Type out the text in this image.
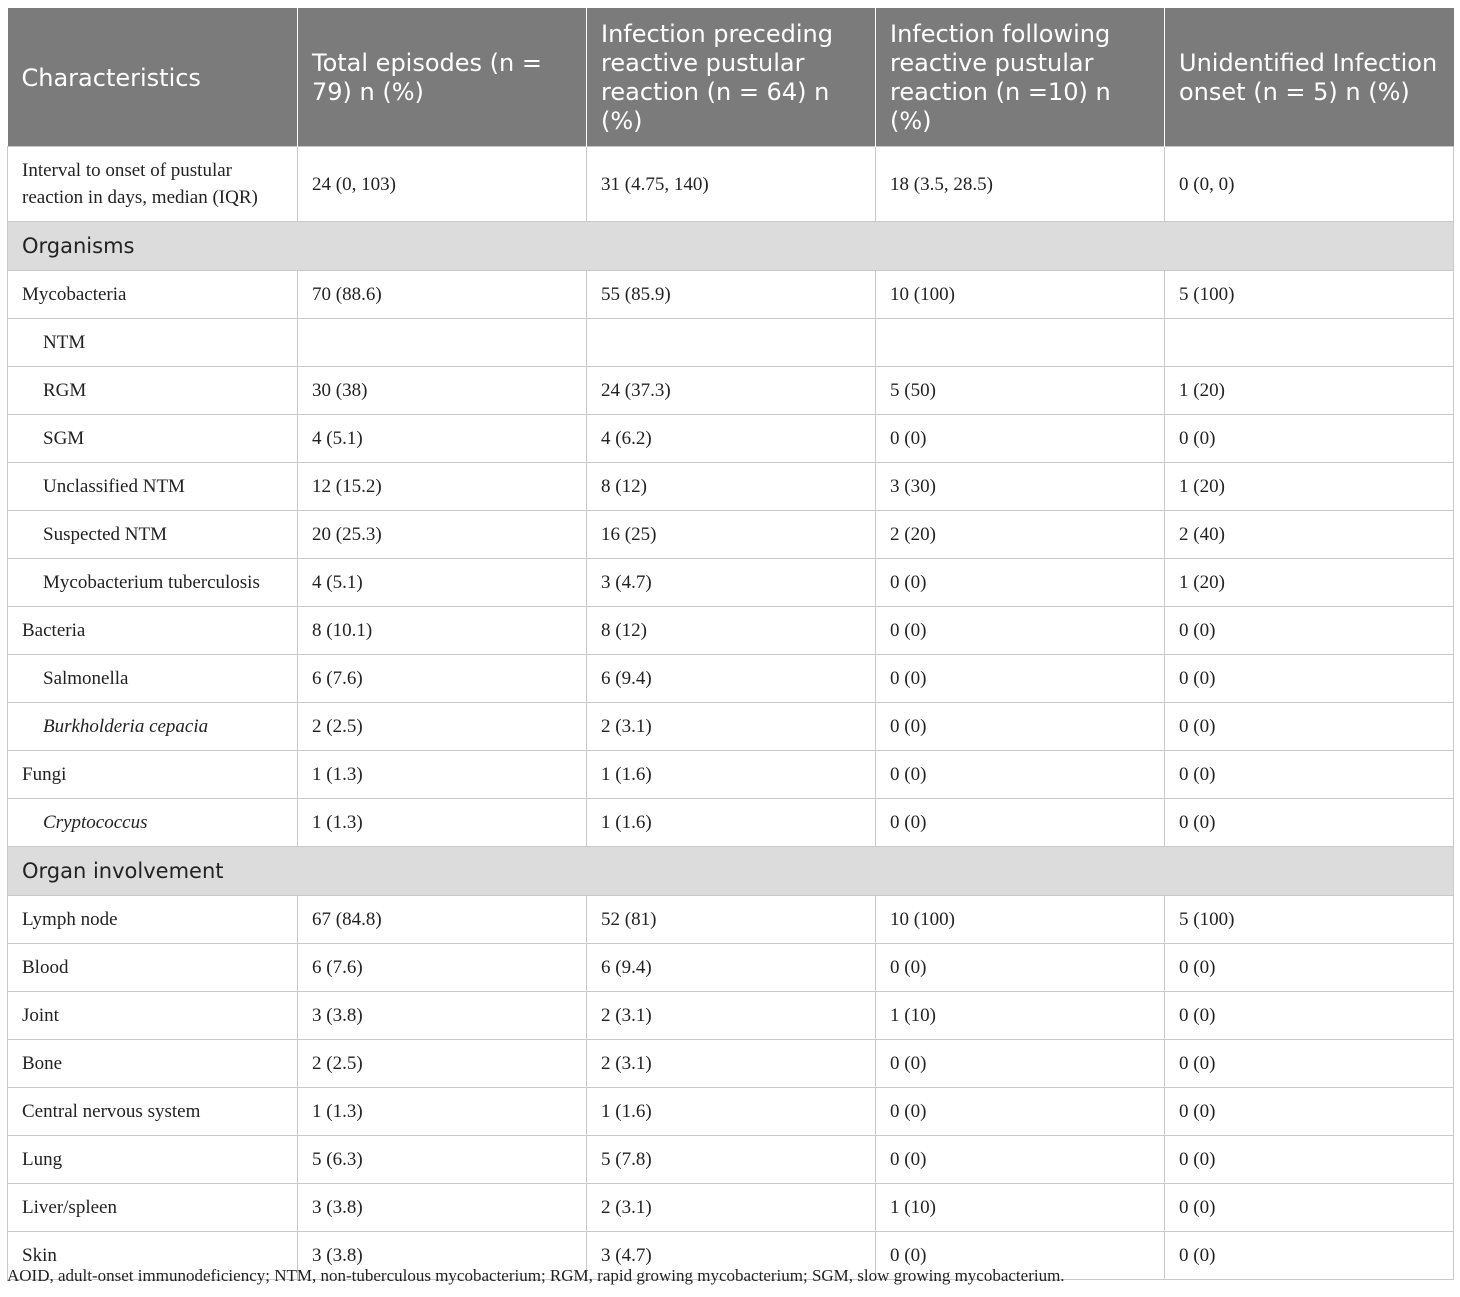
Characteristics	Total episodes (n = 79) n (%)	Infection preceding reactive pustular reaction (n = 64) n (%)	Infection following reactive pustular reaction (n =10) n (%)	Unidentified Infection onset (n = 5) n (%)
Interval to onset of pustular reaction in days, median (IQR)	24 (0, 103)	31 (4.75, 140)	18 (3.5, 28.5)	0 (0, 0)
Organisms				
Mycobacteria	70 (88.6)	55 (85.9)	10 (100)	5 (100)
NTM				
RGM	30 (38)	24 (37.3)	5 (50)	1 (20)
SGM	4 (5.1)	4 (6.2)	0 (0)	0 (0)
Unclassified NTM	12 (15.2)	8 (12)	3 (30)	1 (20)
Suspected NTM	20 (25.3)	16 (25)	2 (20)	2 (40)
Mycobacterium tuberculosis	4 (5.1)	3 (4.7)	0 (0)	1 (20)
Bacteria	8 (10.1)	8 (12)	0 (0)	0 (0)
Salmonella	6 (7.6)	6 (9.4)	0 (0)	0 (0)
Burkholderia cepacia	2 (2.5)	2 (3.1)	0 (0)	0 (0)
Fungi	1 (1.3)	1 (1.6)	0 (0)	0 (0)
Cryptococcus	1 (1.3)	1 (1.6)	0 (0)	0 (0)
Organ involvement				
Lymph node	67 (84.8)	52 (81)	10 (100)	5 (100)
Blood	6 (7.6)	6 (9.4)	0 (0)	0 (0)
Joint	3 (3.8)	2 (3.1)	1 (10)	0 (0)
Bone	2 (2.5)	2 (3.1)	0 (0)	0 (0)
Central nervous system	1 (1.3)	1 (1.6)	0 (0)	0 (0)
Lung	5 (6.3)	5 (7.8)	0 (0)	0 (0)
Liver/spleen	3 (3.8)	2 (3.1)	1 (10)	0 (0)
Skin	3 (3.8)	3 (4.7)	0 (0)	0 (0)
AOID, adult-onset immunodeficiency; NTM, non-tuberculous mycobacterium; RGM, rapid growing mycobacterium; SGM, slow growing mycobacterium.
